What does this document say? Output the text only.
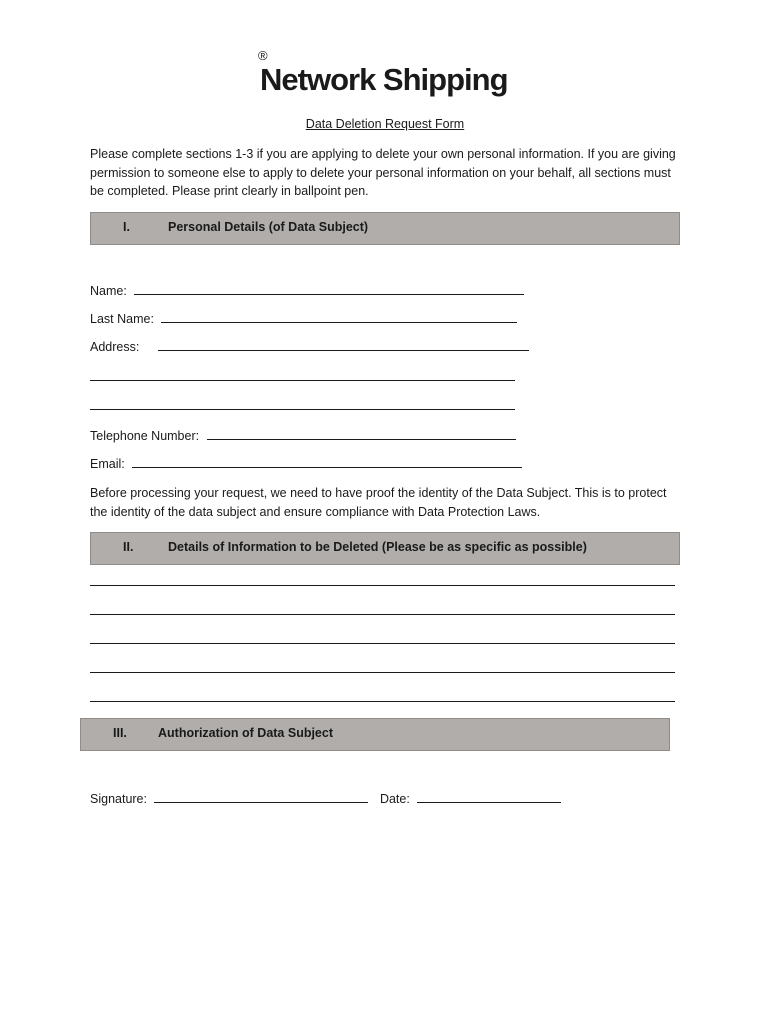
®
Network Shipping
Data Deletion Request Form
Please complete sections 1-3 if you are applying to delete your own personal information. If you are giving permission to someone else to apply to delete your personal information on your behalf, all sections must be completed. Please print clearly in ballpoint pen.
I.	Personal Details (of Data Subject)
Name:
Last Name:
Address:
Telephone Number:
Email:
Before processing your request, we need to have proof the identity of the Data Subject. This is to protect the identity of the data subject and ensure compliance with Data Protection Laws.
II.	Details of Information to be Deleted (Please be as specific as possible)
III. Authorization of Data Subject
Signature:	Date:
